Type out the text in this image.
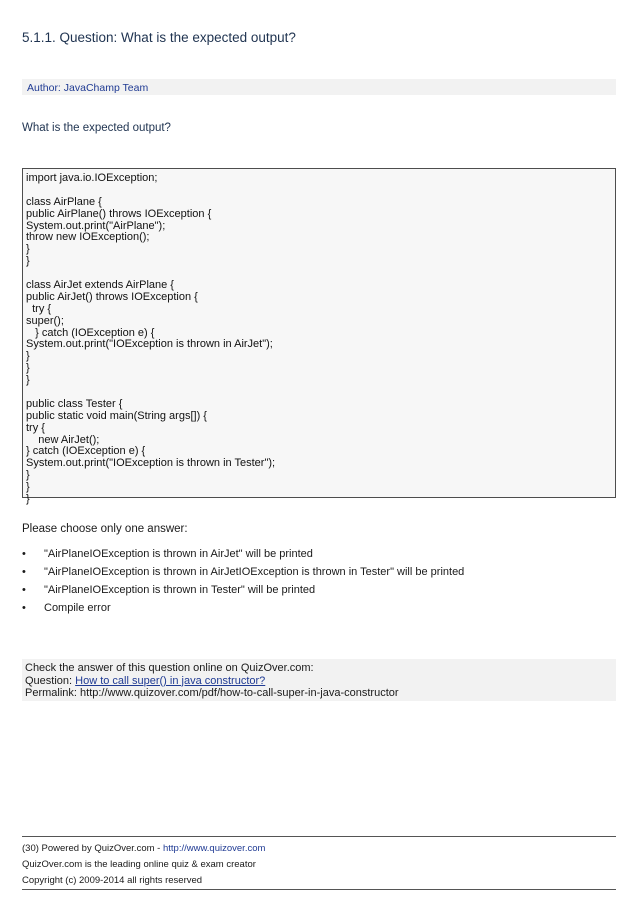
5.1.1. Question: What is the expected output?
Author: JavaChamp Team
What is the expected output?
import java.io.IOException;
class AirPlane {
public AirPlane() throws IOException {
System.out.print("AirPlane");
throw new IOException();
}
}
class AirJet extends AirPlane {
public AirJet() throws IOException {
try {
super();
} catch (IOException e) {
System.out.print("IOException is thrown in AirJet");
}
}
}
public class Tester {
public static void main(String args[]) {
try {
new AirJet();
} catch (IOException e) {
System.out.print("IOException is thrown in Tester");
}
}
}
Please choose only one answer:
•	"AirPlaneIOException is thrown in AirJet" will be printed
•	"AirPlaneIOException is thrown in AirJetIOException is thrown in Tester" will be printed
•	"AirPlaneIOException is thrown in Tester" will be printed
•	Compile error
Check the answer of this question online on QuizOver.com:
Question: How to call super() in java constructor?
Permalink: http://www.quizover.com/pdf/how-to-call-super-in-java-constructor
(30) Powered by QuizOver.com - http://www.quizover.com
QuizOver.com is the leading online quiz & exam creator
Copyright (c) 2009-2014 all rights reserved
